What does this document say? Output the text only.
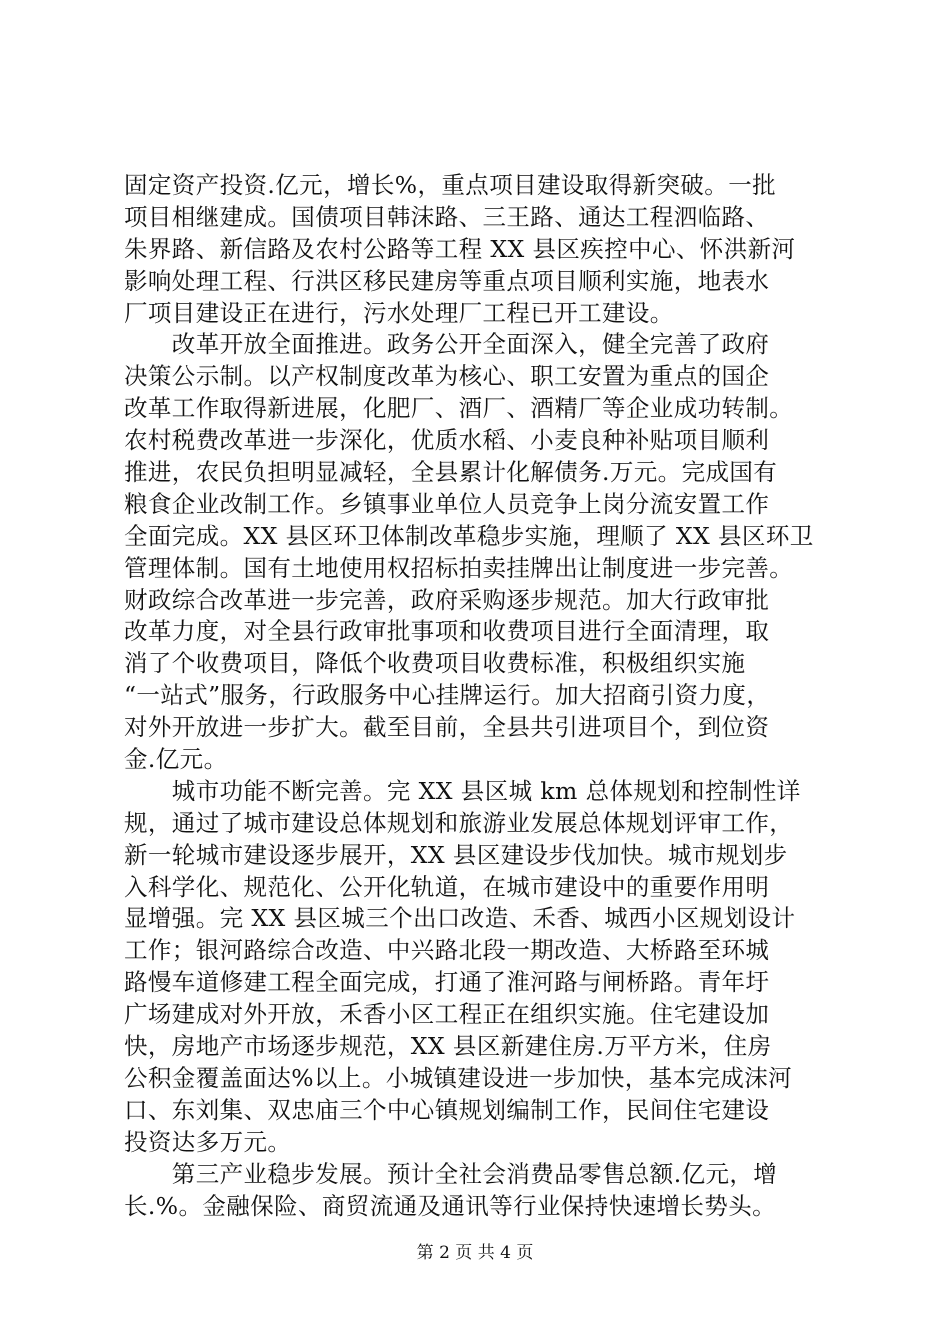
固定资产投资.亿元，增长%，重点项目建设取得新突破。一批
项目相继建成。国债项目韩沫路、三王路、通达工程泗临路、
朱界路、新信路及农村公路等工程 XX 县区疾控中心、怀洪新河
影响处理工程、行洪区移民建房等重点项目顺利实施，地表水
厂项目建设正在进行，污水处理厂工程已开工建设。
　　改革开放全面推进。政务公开全面深入，健全完善了政府
决策公示制。以产权制度改革为核心、职工安置为重点的国企
改革工作取得新进展，化肥厂、酒厂、酒精厂等企业成功转制。
农村税费改革进一步深化，优质水稻、小麦良种补贴项目顺利
推进，农民负担明显减轻，全县累计化解债务.万元。完成国有
粮食企业改制工作。乡镇事业单位人员竞争上岗分流安置工作
全面完成。XX 县区环卫体制改革稳步实施，理顺了 XX 县区环卫
管理体制。国有土地使用权招标拍卖挂牌出让制度进一步完善。
财政综合改革进一步完善，政府采购逐步规范。加大行政审批
改革力度，对全县行政审批事项和收费项目进行全面清理，取
消了个收费项目，降低个收费项目收费标准，积极组织实施
“一站式”服务，行政服务中心挂牌运行。加大招商引资力度，
对外开放进一步扩大。截至目前，全县共引进项目个，到位资
金.亿元。
　　城市功能不断完善。完 XX 县区城 km 总体规划和控制性详
规，通过了城市建设总体规划和旅游业发展总体规划评审工作，
新一轮城市建设逐步展开，XX 县区建设步伐加快。城市规划步
入科学化、规范化、公开化轨道，在城市建设中的重要作用明
显增强。完 XX 县区城三个出口改造、禾香、城西小区规划设计
工作；银河路综合改造、中兴路北段一期改造、大桥路至环城
路慢车道修建工程全面完成，打通了淮河路与闸桥路。青年圩
广场建成对外开放，禾香小区工程正在组织实施。住宅建设加
快，房地产市场逐步规范，XX 县区新建住房.万平方米，住房
公积金覆盖面达%以上。小城镇建设进一步加快，基本完成沫河
口、东刘集、双忠庙三个中心镇规划编制工作，民间住宅建设
投资达多万元。
　　第三产业稳步发展。预计全社会消费品零售总额.亿元，增
长.%。金融保险、商贸流通及通讯等行业保持快速增长势头。
第 2 页 共 4 页
